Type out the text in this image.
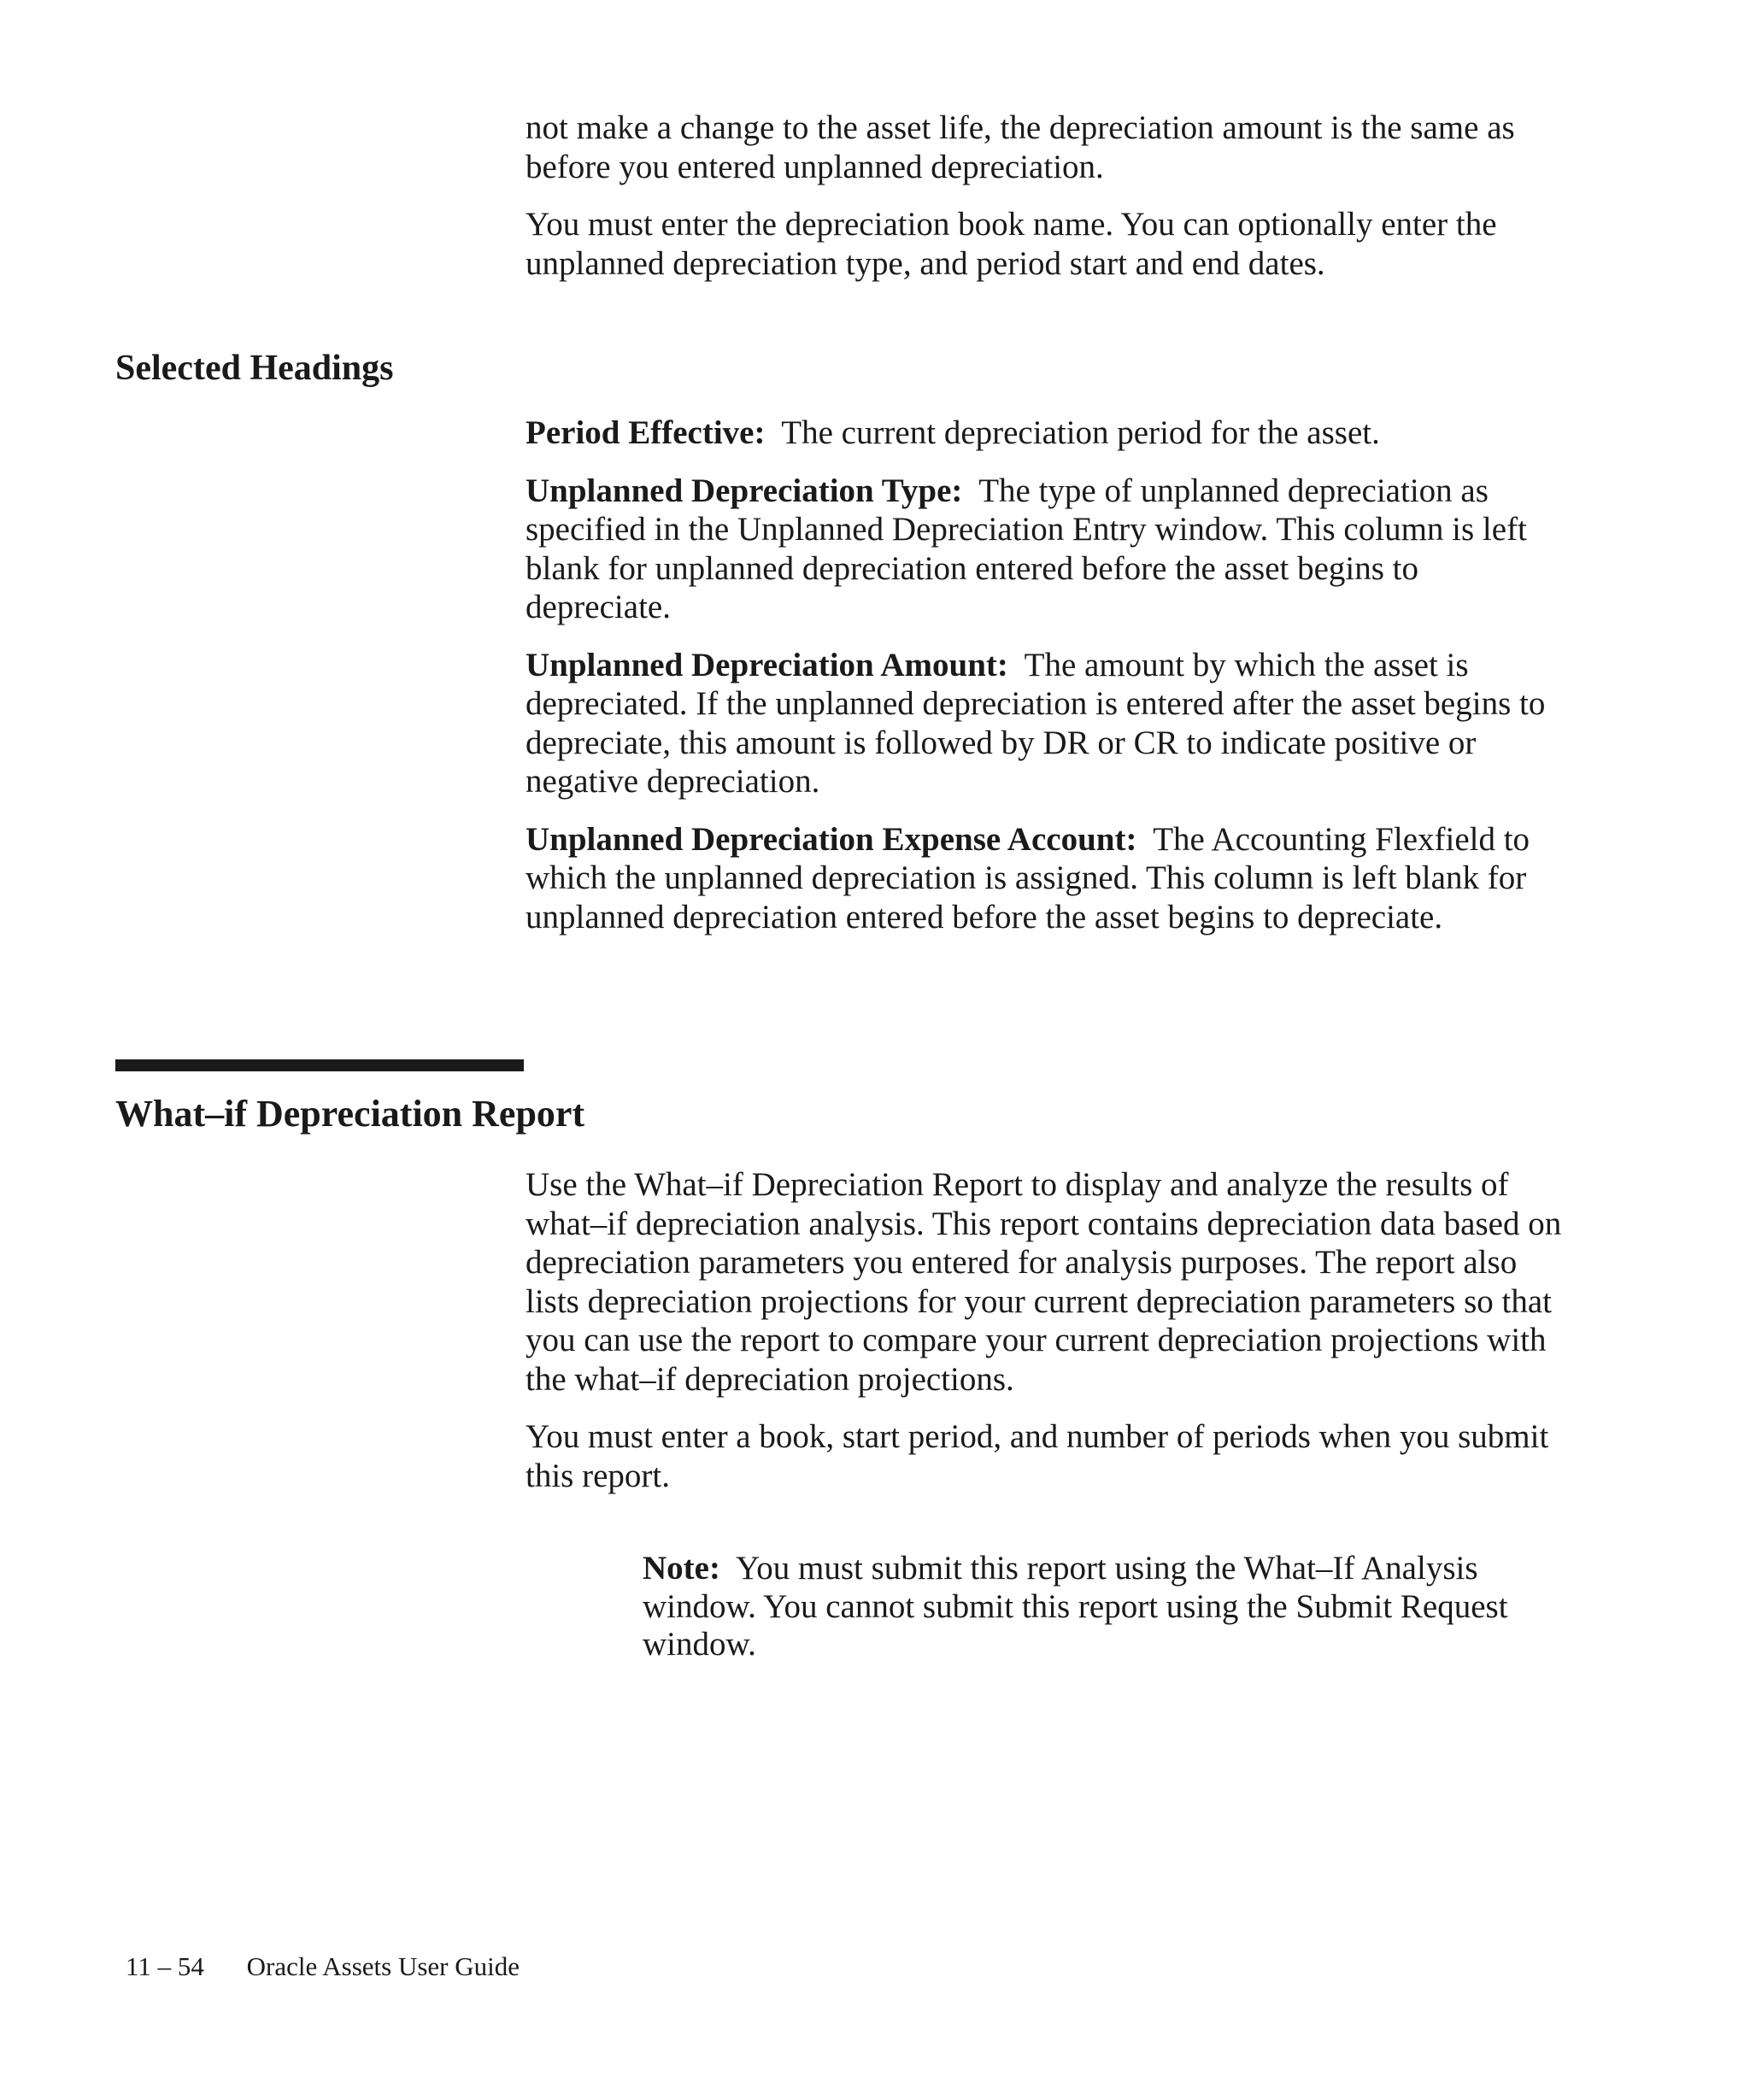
not make a change to the asset life, the depreciation amount is the same as before you entered unplanned depreciation.

You must enter the depreciation book name. You can optionally enter the unplanned depreciation type, and period start and end dates.

Selected Headings

Period Effective: The current depreciation period for the asset.

Unplanned Depreciation Type: The type of unplanned depreciation as specified in the Unplanned Depreciation Entry window. This column is left blank for unplanned depreciation entered before the asset begins to depreciate.

Unplanned Depreciation Amount: The amount by which the asset is depreciated. If the unplanned depreciation is entered after the asset begins to depreciate, this amount is followed by DR or CR to indicate positive or negative depreciation.

Unplanned Depreciation Expense Account: The Accounting Flexfield to which the unplanned depreciation is assigned. This column is left blank for unplanned depreciation entered before the asset begins to depreciate.

What–if Depreciation Report

Use the What–if Depreciation Report to display and analyze the results of what–if depreciation analysis. This report contains depreciation data based on depreciation parameters you entered for analysis purposes. The report also lists depreciation projections for your current depreciation parameters so that you can use the report to compare your current depreciation projections with the what–if depreciation projections.

You must enter a book, start period, and number of periods when you submit this report.

Note: You must submit this report using the What–If Analysis window. You cannot submit this report using the Submit Request window.

11 – 54 Oracle Assets User Guide
